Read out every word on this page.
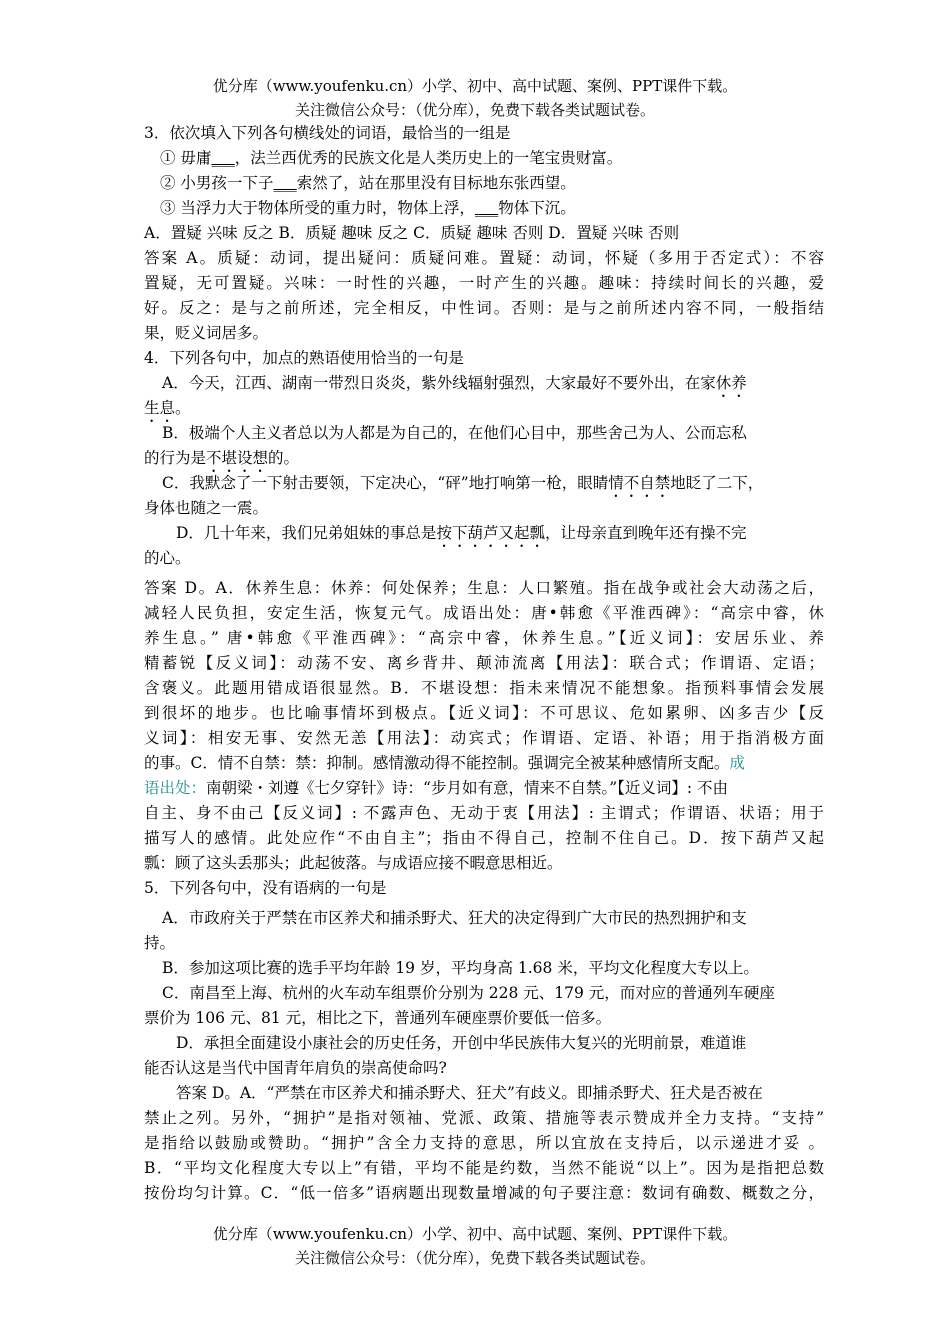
优分库（www.youfenku.cn）小学、初中、高中试题、案例、PPT课件下载。
关注微信公众号：（优分库），免费下载各类试题试卷。
3．依次填入下列各句横线处的词语，最恰当的一组是
① 毋庸___，法兰西优秀的民族文化是人类历史上的一笔宝贵财富。
② 小男孩一下子___索然了，站在那里没有目标地东张西望。
③ 当浮力大于物体所受的重力时，物体上浮，___物体下沉。
A．置疑 兴味 反之 B．质疑 趣味 反之 C．质疑 趣味 否则 D．置疑 兴味 否则
答案 A。质疑：动词，提出疑问：质疑问难。置疑：动词，怀疑（多用于否定式）：不容
置疑，无可置疑。兴味：一时性的兴趣，一时产生的兴趣。趣味：持续时间长的兴趣，爱
好。反之：是与之前所述，完全相反，中性词。否则：是与之前所述内容不同，一般指结
果，贬义词居多。
4．下列各句中，加点的熟语使用恰当的一句是
A．今天，江西、湖南一带烈日炎炎，紫外线辐射强烈，大家最好不要外出，在家休养
生息。
B．极端个人主义者总以为人都是为自己的，在他们心目中，那些舍己为人、公而忘私
的行为是不堪设想的。
C．我默念了一下射击要领，下定决心，“砰”地打响第一枪，眼睛情不自禁地眨了二下，
身体也随之一震。
D．几十年来，我们兄弟姐妹的事总是按下葫芦又起瓢，让母亲直到晚年还有操不完
的心。
答案 D。A．休养生息：休养：何处保养；生息：人口繁殖。指在战争或社会大动荡之后，
减轻人民负担，安定生活，恢复元气。成语出处：唐•韩愈《平淮西碑》：“高宗中睿，休
养生息。” 唐•韩愈《平淮西碑》：“高宗中睿，休养生息。”【近义词】：安居乐业、养
精蓄锐【反义词】：动荡不安、离乡背井、颠沛流离【用法】：联合式；作谓语、定语；
含褒义。此题用错成语很显然。B．不堪设想：指未来情况不能想象。指预料事情会发展
到很坏的地步。也比喻事情坏到极点。【近义词】：不可思议、危如累卵、凶多吉少【反
义词】：相安无事、安然无恙【用法】：动宾式；作谓语、定语、补语；用于指消极方面
的事。C．情不自禁：禁：抑制。感情激动得不能控制。强调完全被某种感情所支配。成
语出处：南朝梁・刘遵《七夕穿针》诗：“步月如有意，情来不自禁。”【近义词】: 不由
自主、身不由己【反义词】: 不露声色、无动于衷【用法】: 主谓式；作谓语、状语；用于
描写人的感情。此处应作“不由自主”；指由不得自己，控制不住自己。D．按下葫芦又起
瓢：顾了这头丢那头；此起彼落。与成语应接不暇意思相近。
5．下列各句中，没有语病的一句是
A．市政府关于严禁在市区养犬和捕杀野犬、狂犬的决定得到广大市民的热烈拥护和支
持。
B．参加这项比赛的选手平均年龄 19 岁，平均身高 1.68 米，平均文化程度大专以上。
C．南昌至上海、杭州的火车动车组票价分别为 228 元、179 元，而对应的普通列车硬座
票价为 106 元、81 元，相比之下，普通列车硬座票价要低一倍多。
D．承担全面建设小康社会的历史任务，开创中华民族伟大复兴的光明前景，难道谁
能否认这是当代中国青年肩负的崇高使命吗?
答案 D。A．“严禁在市区养犬和捕杀野犬、狂犬”有歧义。即捕杀野犬、狂犬是否被在
禁止之列。另外，“拥护”是指对领袖、党派、政策、措施等表示赞成并全力支持。“支持”
是指给以鼓励或赞助。“拥护”含全力支持的意思，所以宜放在支持后，以示递进才妥 。
B．“平均文化程度大专以上”有错，平均不能是约数，当然不能说“以上”。因为是指把总数
按份均匀计算。C．“低一倍多”语病题出现数量增减的句子要注意：数词有确数、概数之分，
优分库（www.youfenku.cn）小学、初中、高中试题、案例、PPT课件下载。
关注微信公众号：（优分库），免费下载各类试题试卷。
